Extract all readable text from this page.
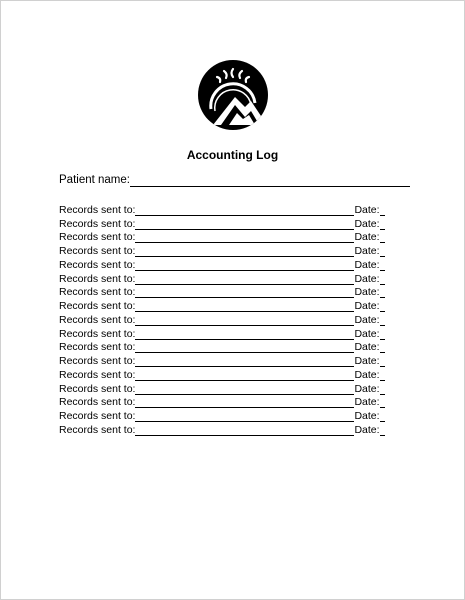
Accounting Log
Patient name:
Records sent to:	Date:
Records sent to:	Date:
Records sent to:	Date:
Records sent to:	Date:
Records sent to:	Date:
Records sent to:	Date:
Records sent to:	Date:
Records sent to:	Date:
Records sent to:	Date:
Records sent to:	Date:
Records sent to:	Date:
Records sent to:	Date:
Records sent to:	Date:
Records sent to:	Date:
Records sent to:	Date:
Records sent to:	Date:
Records sent to:	Date:
